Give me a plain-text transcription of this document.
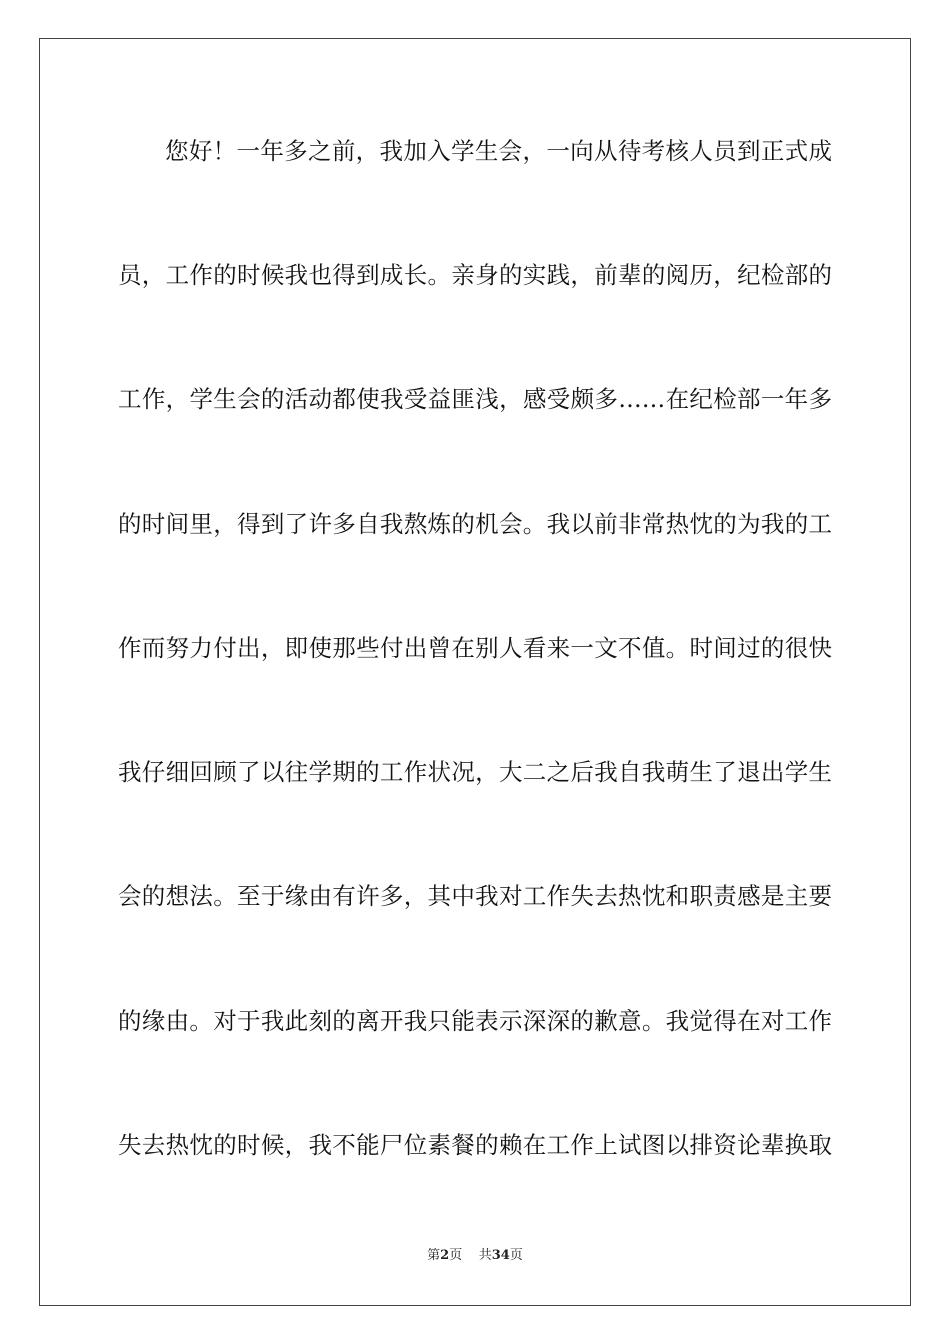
您好！一年多之前，我加入学生会，一向从待考核人员到正式成
员，工作的时候我也得到成长。亲身的实践，前辈的阅历，纪检部的
工作，学生会的活动都使我受益匪浅，感受颇多……在纪检部一年多
的时间里，得到了许多自我熬炼的机会。我以前非常热忱的为我的工
作而努力付出，即使那些付出曾在别人看来一文不值。时间过的很快
我仔细回顾了以往学期的工作状况，大二之后我自我萌生了退出学生
会的想法。至于缘由有许多，其中我对工作失去热忱和职责感是主要
的缘由。对于我此刻的离开我只能表示深深的歉意。我觉得在对工作
失去热忱的时候，我不能尸位素餐的赖在工作上试图以排资论辈换取
第2页    共34页
